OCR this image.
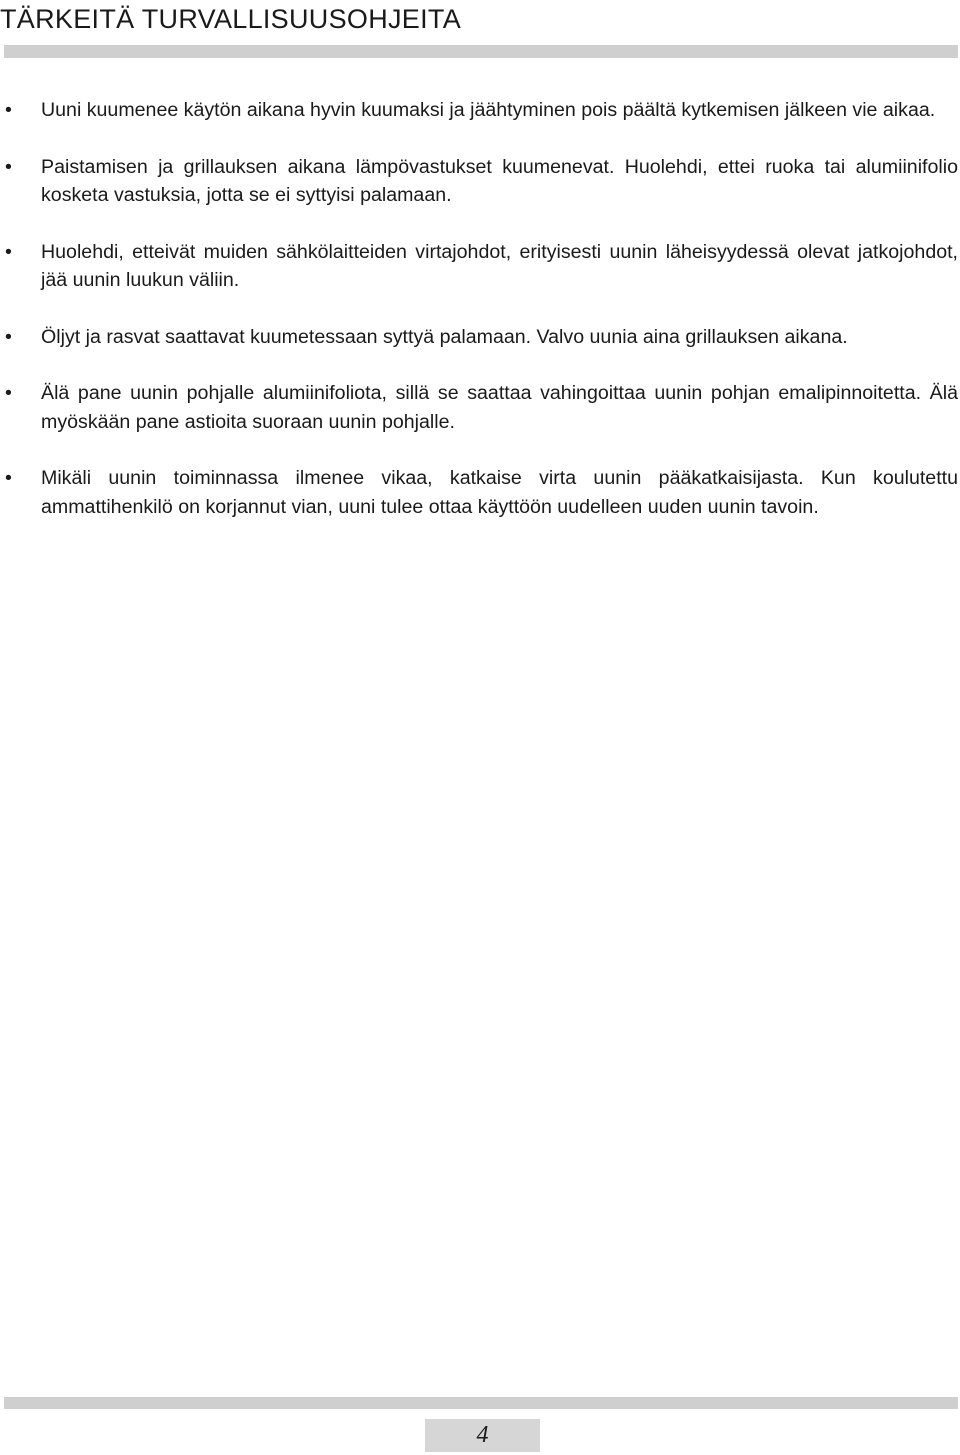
TÄRKEITÄ TURVALLISUUSOHJEITA
• Uuni kuumenee käytön aikana hyvin kuumaksi ja jäähtyminen pois päältä kytkemisen jälkeen vie aikaa.
• Paistamisen ja grillauksen aikana lämpövastukset kuumenevat. Huolehdi, ettei ruoka tai alumiinifolio kosketa vastuksia, jotta se ei syttyisi palamaan.
• Huolehdi, etteivät muiden sähkölaitteiden virtajohdot, erityisesti uunin läheisyydessä olevat jatkojohdot, jää uunin luukun väliin.
• Öljyt ja rasvat saattavat kuumetessaan syttyä palamaan. Valvo uunia aina grillauksen aikana.
• Älä pane uunin pohjalle alumiinifoliota, sillä se saattaa vahingoittaa uunin pohjan emalipinnoitetta. Älä myöskään pane astioita suoraan uunin pohjalle.
• Mikäli uunin toiminnassa ilmenee vikaa, katkaise virta uunin pääkatkaisijasta. Kun koulutettu ammattihenkilö on korjannut vian, uuni tulee ottaa käyttöön uudelleen uuden uunin tavoin.
4
